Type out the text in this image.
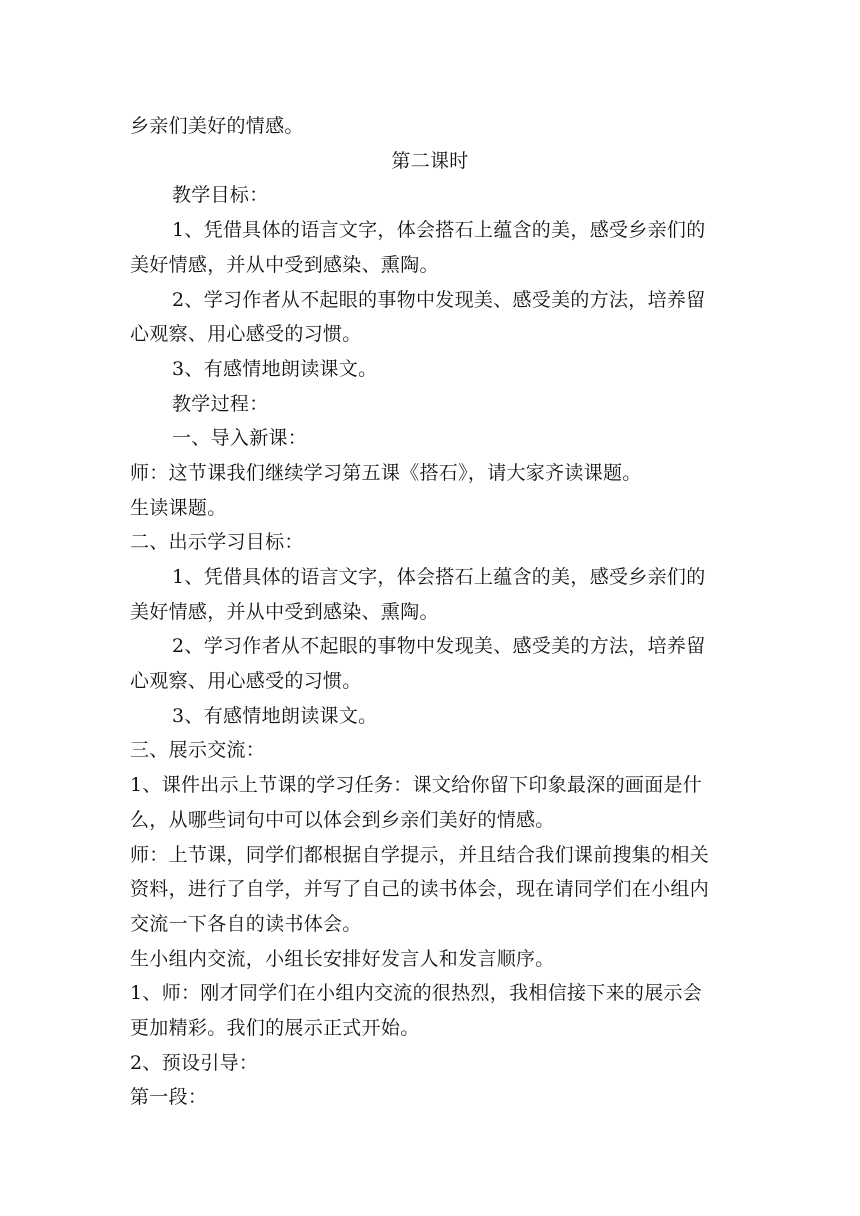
乡亲们美好的情感。
第二课时
教学目标：
1、凭借具体的语言文字，体会搭石上蕴含的美，感受乡亲们的
美好情感，并从中受到感染、熏陶。
2、学习作者从不起眼的事物中发现美、感受美的方法，培养留
心观察、用心感受的习惯。
3、有感情地朗读课文。
教学过程：
一、导入新课：
师：这节课我们继续学习第五课《搭石》，请大家齐读课题。
生读课题。
二、出示学习目标：
1、凭借具体的语言文字，体会搭石上蕴含的美，感受乡亲们的
美好情感，并从中受到感染、熏陶。
2、学习作者从不起眼的事物中发现美、感受美的方法，培养留
心观察、用心感受的习惯。
3、有感情地朗读课文。
三、展示交流：
1、课件出示上节课的学习任务：课文给你留下印象最深的画面是什
么，从哪些词句中可以体会到乡亲们美好的情感。
师：上节课，同学们都根据自学提示，并且结合我们课前搜集的相关
资料，进行了自学，并写了自己的读书体会，现在请同学们在小组内
交流一下各自的读书体会。
生小组内交流，小组长安排好发言人和发言顺序。
1、师：刚才同学们在小组内交流的很热烈，我相信接下来的展示会
更加精彩。我们的展示正式开始。
2、预设引导：
第一段：
